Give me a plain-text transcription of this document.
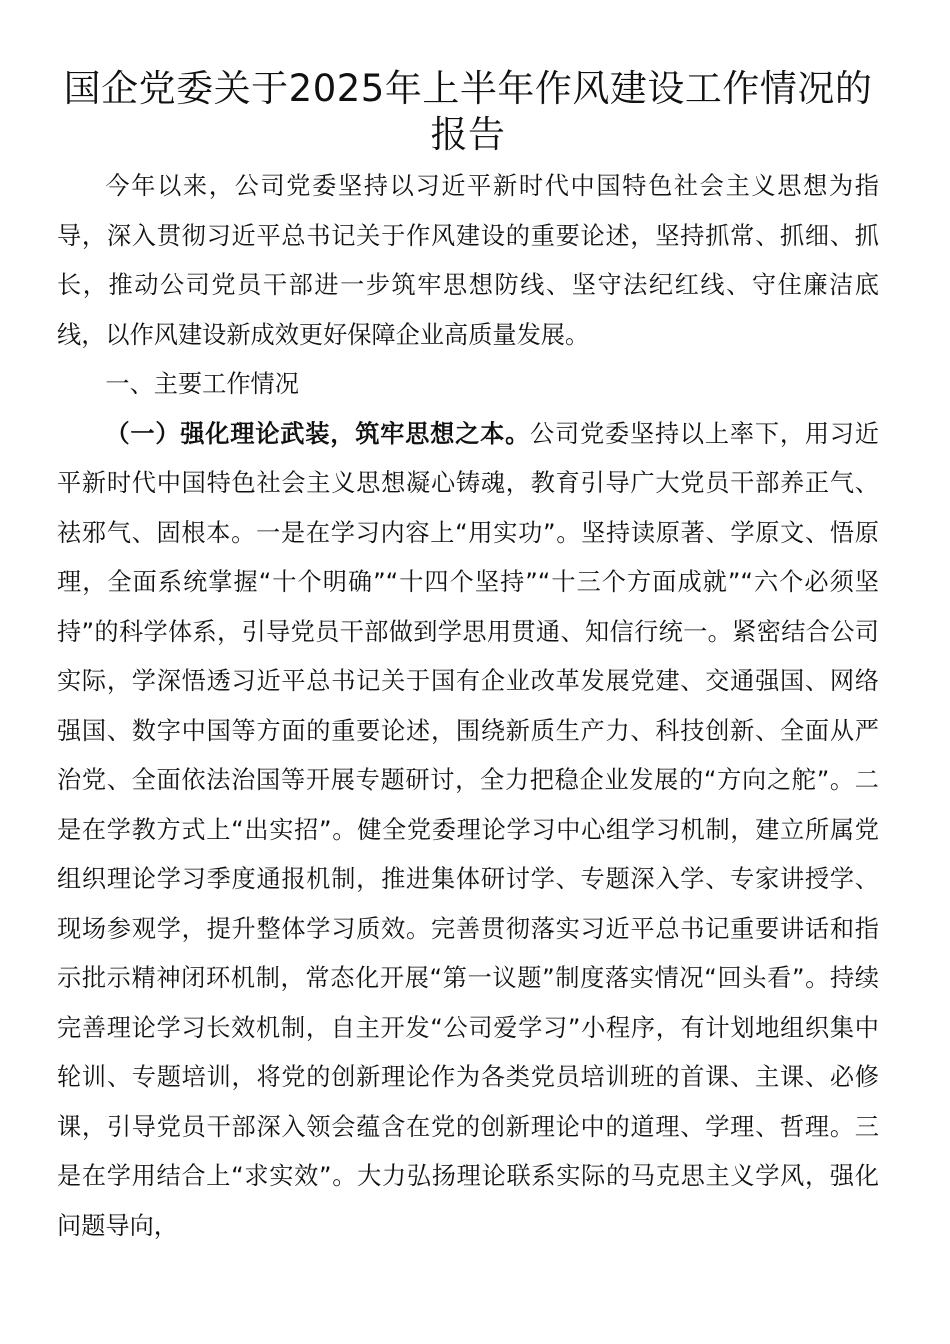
国企党委关于2025年上半年作风建设工作情况的报告

今年以来，公司党委坚持以习近平新时代中国特色社会主义思想为指导，深入贯彻习近平总书记关于作风建设的重要论述，坚持抓常、抓细、抓长，推动公司党员干部进一步筑牢思想防线、坚守法纪红线、守住廉洁底线，以作风建设新成效更好保障企业高质量发展。

一、主要工作情况

（一）强化理论武装，筑牢思想之本。公司党委坚持以上率下，用习近平新时代中国特色社会主义思想凝心铸魂，教育引导广大党员干部养正气、祛邪气、固根本。一是在学习内容上“用实功”。坚持读原著、学原文、悟原理，全面系统掌握“十个明确”“十四个坚持”“十三个方面成就”“六个必须坚持”的科学体系，引导党员干部做到学思用贯通、知信行统一。紧密结合公司实际，学深悟透习近平总书记关于国有企业改革发展党建、交通强国、网络强国、数字中国等方面的重要论述，围绕新质生产力、科技创新、全面从严治党、全面依法治国等开展专题研讨，全力把稳企业发展的“方向之舵”。二是在学教方式上“出实招”。健全党委理论学习中心组学习机制，建立所属党组织理论学习季度通报机制，推进集体研讨学、专题深入学、专家讲授学、现场参观学，提升整体学习质效。完善贯彻落实习近平总书记重要讲话和指示批示精神闭环机制，常态化开展“第一议题”制度落实情况“回头看”。持续完善理论学习长效机制，自主开发“公司爱学习”小程序，有计划地组织集中轮训、专题培训，将党的创新理论作为各类党员培训班的首课、主课、必修课，引导党员干部深入领会蕴含在党的创新理论中的道理、学理、哲理。三是在学用结合上“求实效”。大力弘扬理论联系实际的马克思主义学风，强化问题导向，
